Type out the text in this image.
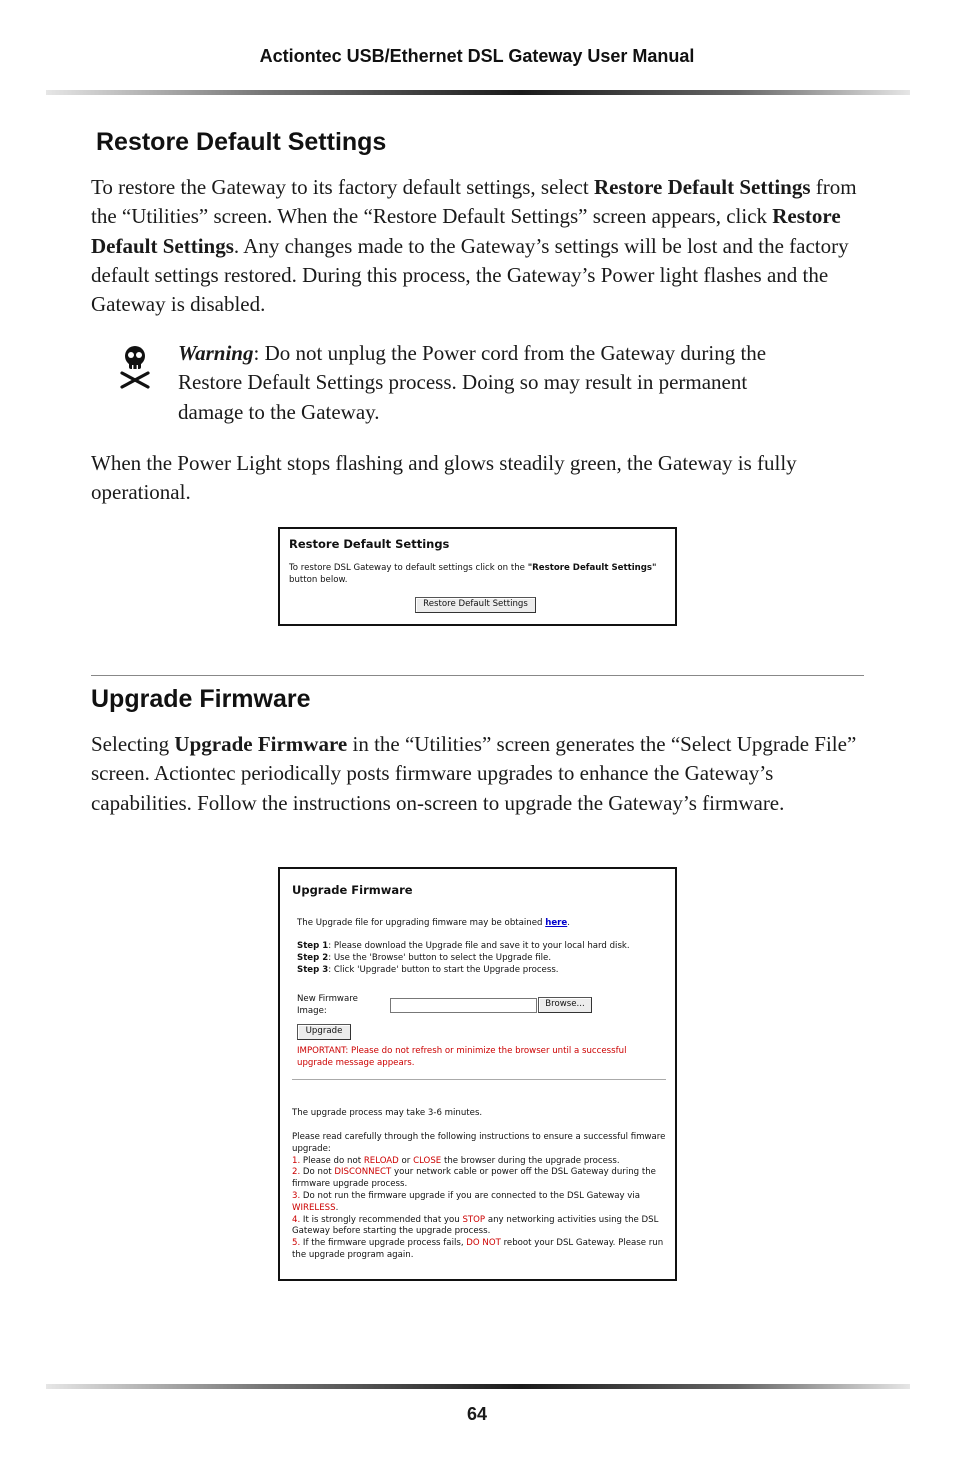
Actiontec USB/Ethernet DSL Gateway User Manual
Restore Default Settings

To restore the Gateway to its factory default settings, select Restore Default Settings from the “Utilities” screen. When the “Restore Default Settings” screen appears, click Restore Default Settings. Any changes made to the Gateway’s settings will be lost and the factory default settings restored. During this process, the Gateway’s Power light flashes and the Gateway is disabled.

Warning: Do not unplug the Power cord from the Gateway during the Restore Default Settings process. Doing so may result in permanent damage to the Gateway.

When the Power Light stops flashing and glows steadily green, the Gateway is fully operational.

Restore Default Settings
To restore DSL Gateway to default settings click on the "Restore Default Settings" button below.
Restore Default Settings
Upgrade Firmware

Selecting Upgrade Firmware in the “Utilities” screen generates the “Select Upgrade File” screen. Actiontec periodically posts firmware upgrades to enhance the Gateway’s capabilities. Follow the instructions on-screen to upgrade the Gateway’s firmware.

Upgrade Firmware
The Upgrade file for upgrading fimware may be obtained here.
Step 1: Please download the Upgrade file and save it to your local hard disk.
Step 2: Use the 'Browse' button to select the Upgrade file.
Step 3: Click 'Upgrade' button to start the Upgrade process.
New Firmware Image:
Browse...
Upgrade
IMPORTANT: Please do not refresh or minimize the browser until a successful upgrade message appears.
The upgrade process may take 3-6 minutes.
Please read carefully through the following instructions to ensure a successful fimware upgrade:
1. Please do not RELOAD or CLOSE the browser during the upgrade process.
2. Do not DISCONNECT your network cable or power off the DSL Gateway during the firmware upgrade process.
3. Do not run the firmware upgrade if you are connected to the DSL Gateway via WIRELESS.
4. It is strongly recommended that you STOP any networking activities using the DSL Gateway before starting the upgrade process.
5. If the firmware upgrade process fails, DO NOT reboot your DSL Gateway. Please run the upgrade program again.
64
